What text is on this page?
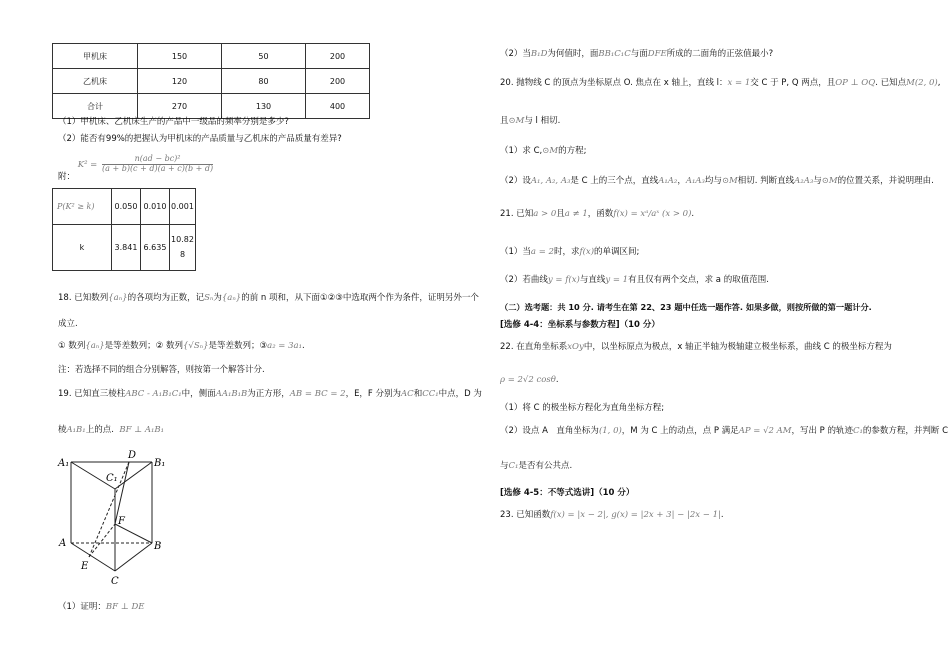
甲机床	150	50	200
乙机床	120	80	200
合计	270	130	400
（1）甲机床、乙机床生产的产品中一级品的频率分别是多少?
（2）能否有99%的把握认为甲机床的产品质量与乙机床的产品质量有差异?
附： $K^2 = \frac{\text{n(ad − bc)²}}{(a + b)(c + d)(a + c)(b + d)}$
P(K² ≥ k)	0.050	0.010	0.001
k	3.841	6.635	10.828
18. 已知数列{aₙ}的各项均为正数，记Sₙ为{aₙ}的前 n 项和，从下面①②③中选取两个作为条件，证明另外一个
成立.
① 数列{aₙ}是等差数列；② 数列{√Sₙ}是等差数列；③a₂ = 3a₁.
注：若选择不同的组合分别解答，则按第一个解答计分.
19. 已知直三棱柱ABC - A₁B₁C₁中，侧面AA₁B₁B为正方形，AB = BC = 2，E，F 分别为AC和CC₁中点，D 为
棱A₁B₁上的点. BF ⊥ A₁B₁
A₁	B₁
C₁
D
F
A	B
E
C
（1）证明：BF ⊥ DE
（2）当B₁D为何值时，面BB₁C₁C与面DFE所成的二面角的正弦值最小?
20. 抛物线 C 的顶点为坐标原点 O. 焦点在 x 轴上，直线 l：x = 1交 C 于 P, Q 两点，且OP ⊥ OQ. 已知点M(2, 0),
且⊙M与 l 相切.
（1）求 C,⊙M的方程;
（2）设A₁, A₂, A₃是 C 上的三个点，直线A₁A₂，A₁A₃均与⊙M相切. 判断直线A₂A₃与⊙M的位置关系，并说明理由.
21. 已知a > 0且a ≠ 1，函数f(x) = xᵃ/aˣ (x > 0).
（1）当a = 2时，求f(x)的单调区间;
（2）若曲线y = f(x)与直线y = 1有且仅有两个交点，求 a 的取值范围.
（二）选考题：共 10 分. 请考生在第 22、23 题中任选一题作答. 如果多做，则按所做的第一题计分.
[选修 4-4：坐标系与参数方程]（10 分）
22. 在直角坐标系xOy中，以坐标原点为极点，x 轴正半轴为极轴建立极坐标系，曲线 C 的极坐标方程为
ρ = 2√2 cosθ.
（1）将 C 的极坐标方程化为直角坐标方程;
（2）设点 A　直角坐标为(1, 0)，M 为 C 上的动点，点 P 满足AP = √2 AM，写出 P 的轨迹C₁的参数方程，并判断 C
与C₁是否有公共点.
[选修 4-5：不等式选讲]（10 分）
23. 已知函数f(x) = |x − 2|, g(x) = |2x + 3| − |2x − 1|.
